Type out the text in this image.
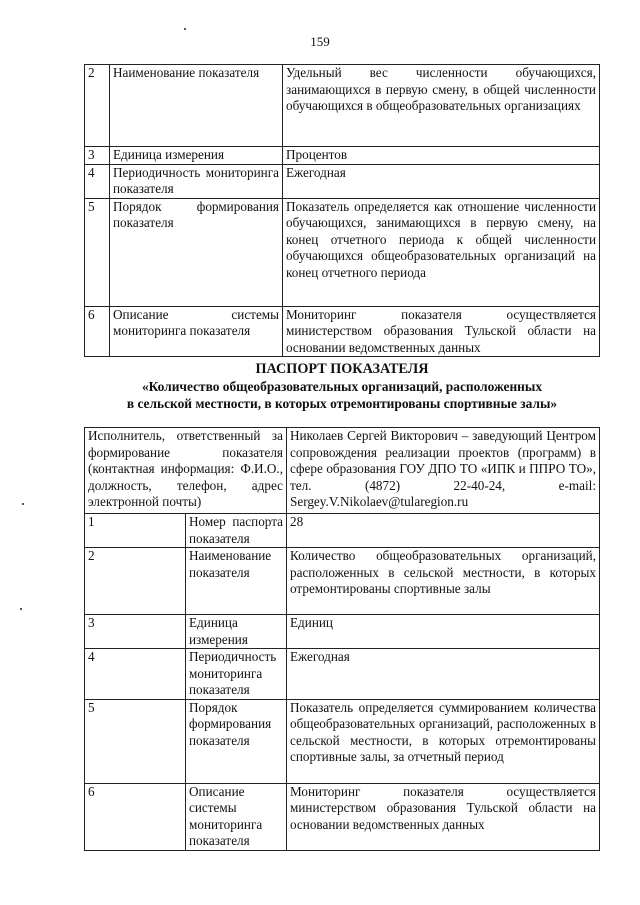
159
2	Наименование показателя	Удельный вес численности обучающихся, занимающихся в первую смену, в общей численности обучающихся в общеобразовательных организациях
3	Единица измерения	Процентов
4	Периодичность мониторинга показателя	Ежегодная
5	Порядок формирования показателя	Показатель определяется как отношение численности обучающихся, занимающихся в первую смену, на конец отчетного периода к общей численности обучающихся общеобразовательных организаций на конец отчетного периода
6	Описание системы мониторинга показателя	Мониторинг показателя осуществляется министерством образования Тульской области на основании ведомственных данных
ПАСПОРТ ПОКАЗАТЕЛЯ
«Количество общеобразовательных организаций, расположенных
в сельской местности, в которых отремонтированы спортивные залы»
Исполнитель, ответственный за формирование показателя (контактная информация: Ф.И.О., должность, телефон, адрес электронной почты)		Николаев Сергей Викторович – заведующий Центром сопровождения реализации проектов (программ) в сфере образования ГОУ ДПО ТО «ИПК и ППРО ТО», тел. (4872) 22-40-24, e-mail: Sergey.V.Nikolaev@tularegion.ru
1	Номер паспорта показателя	28
2	Наименование показателя	Количество общеобразовательных организаций, расположенных в сельской местности, в которых отремонтированы спортивные залы
3	Единица измерения	Единиц
4	Периодичность мониторинга показателя	Ежегодная
5	Порядок формирования показателя	Показатель определяется суммированием количества общеобразовательных организаций, расположенных в сельской местности, в которых отремонтированы спортивные залы, за отчетный период
6	Описание системы мониторинга показателя	Мониторинг показателя осуществляется министерством образования Тульской области на основании ведомственных данных
